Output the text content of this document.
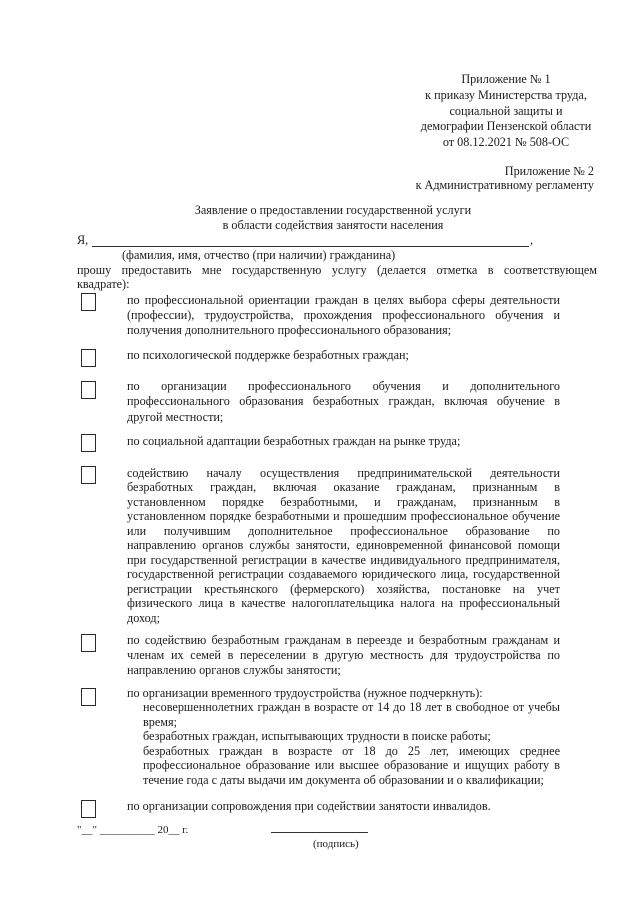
Приложение № 1
к приказу Министерства труда,
социальной защиты и
демографии Пензенской области
от 08.12.2021 № 508-ОС
Приложение № 2
к Административному регламенту
Заявление о предоставлении государственной услуги
в области содействия занятости населения
Я,	,
(фамилия, имя, отчество (при наличии) гражданина)
прошу предоставить мне государственную услугу (делается отметка в соответствующем
квадрате):
по профессиональной ориентации граждан в целях выбора сферы деятельности
(профессии), трудоустройства, прохождения профессионального обучения и
получения дополнительного профессионального образования;
по психологической поддержке безработных граждан;
по организации профессионального обучения и дополнительного
профессионального образования безработных граждан, включая обучение в
другой местности;
по социальной адаптации безработных граждан на рынке труда;
содействию началу осуществления предпринимательской деятельности
безработных граждан, включая оказание гражданам, признанным в
установленном порядке безработными, и гражданам, признанным в
установленном порядке безработными и прошедшим профессиональное обучение
или получившим дополнительное профессиональное образование по
направлению органов службы занятости, единовременной финансовой помощи
при государственной регистрации в качестве индивидуального предпринимателя,
государственной регистрации создаваемого юридического лица, государственной
регистрации крестьянского (фермерского) хозяйства, постановке на учет
физического лица в качестве налогоплательщика налога на профессиональный
доход;
по содействию безработным гражданам в переезде и безработным гражданам и
членам их семей в переселении в другую местность для трудоустройства по
направлению органов службы занятости;
по организации временного трудоустройства (нужное подчеркнуть):
несовершеннолетних граждан в возрасте от 14 до 18 лет в свободное от учебы
время;
безработных граждан, испытывающих трудности в поиске работы;
безработных граждан в возрасте от 18 до 25 лет, имеющих среднее
профессиональное образование или высшее образование и ищущих работу в
течение года с даты выдачи им документа об образовании и о квалификации;
по организации сопровождения при содействии занятости инвалидов.
"__" __________ 20__ г.
(подпись)
